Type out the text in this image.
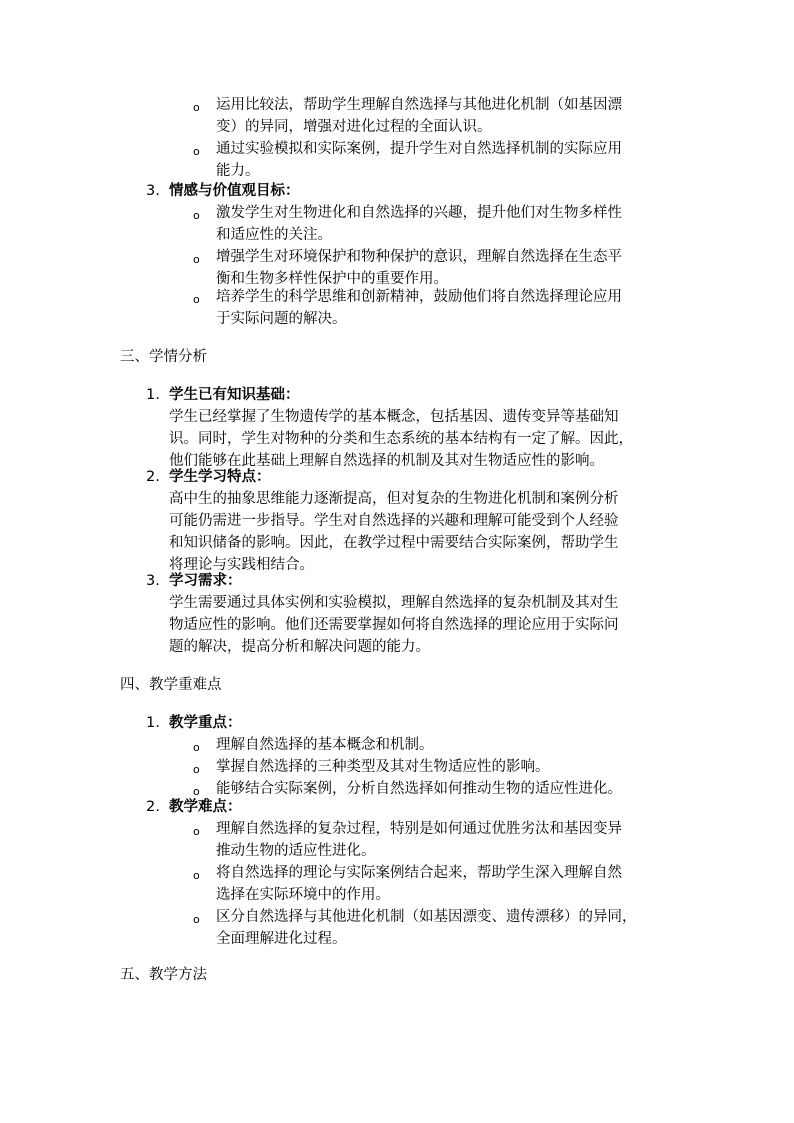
o 运用比较法，帮助学生理解自然选择与其他进化机制（如基因漂
变）的异同，增强对进化过程的全面认识。
o 通过实验模拟和实际案例，提升学生对自然选择机制的实际应用
能力。
3. 情感与价值观目标：
o 激发学生对生物进化和自然选择的兴趣，提升他们对生物多样性
和适应性的关注。
o 增强学生对环境保护和物种保护的意识，理解自然选择在生态平
衡和生物多样性保护中的重要作用。
o 培养学生的科学思维和创新精神，鼓励他们将自然选择理论应用
于实际问题的解决。
三、学情分析
1. 学生已有知识基础：
学生已经掌握了生物遗传学的基本概念，包括基因、遗传变异等基础知
识。同时，学生对物种的分类和生态系统的基本结构有一定了解。因此，
他们能够在此基础上理解自然选择的机制及其对生物适应性的影响。
2. 学生学习特点：
高中生的抽象思维能力逐渐提高，但对复杂的生物进化机制和案例分析
可能仍需进一步指导。学生对自然选择的兴趣和理解可能受到个人经验
和知识储备的影响。因此，在教学过程中需要结合实际案例，帮助学生
将理论与实践相结合。
3. 学习需求：
学生需要通过具体实例和实验模拟，理解自然选择的复杂机制及其对生
物适应性的影响。他们还需要掌握如何将自然选择的理论应用于实际问
题的解决，提高分析和解决问题的能力。
四、教学重难点
1. 教学重点：
o 理解自然选择的基本概念和机制。
o 掌握自然选择的三种类型及其对生物适应性的影响。
o 能够结合实际案例，分析自然选择如何推动生物的适应性进化。
2. 教学难点：
o 理解自然选择的复杂过程，特别是如何通过优胜劣汰和基因变异
推动生物的适应性进化。
o 将自然选择的理论与实际案例结合起来，帮助学生深入理解自然
选择在实际环境中的作用。
o 区分自然选择与其他进化机制（如基因漂变、遗传漂移）的异同，
全面理解进化过程。
五、教学方法
